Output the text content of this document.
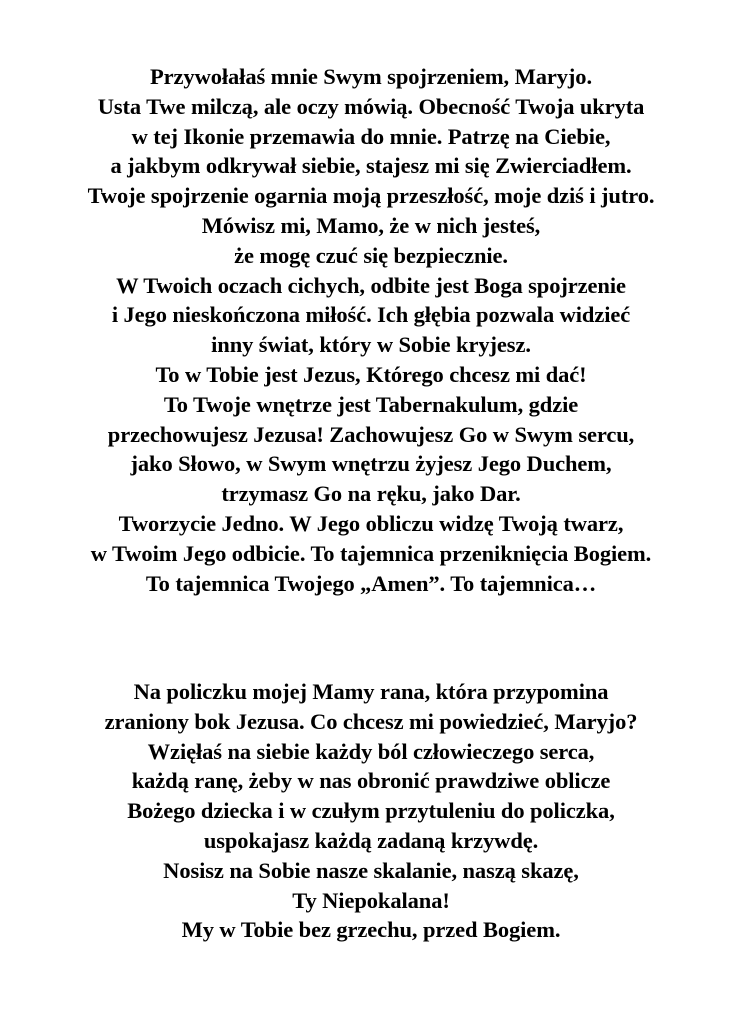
Przywołałaś mnie Swym spojrzeniem, Maryjo.
Usta Twe milczą, ale oczy mówią. Obecność Twoja ukryta
w tej Ikonie przemawia do mnie. Patrzę na Ciebie,
a jakbym odkrywał siebie, stajesz mi się Zwierciadłem.
Twoje spojrzenie ogarnia moją przeszłość, moje dziś i jutro.
Mówisz mi, Mamo, że w nich jesteś,
że mogę czuć się bezpiecznie.
W Twoich oczach cichych, odbite jest Boga spojrzenie
i Jego nieskończona miłość. Ich głębia pozwala widzieć
inny świat, który w Sobie kryjesz.
To w Tobie jest Jezus, Którego chcesz mi dać!
To Twoje wnętrze jest Tabernakulum, gdzie
przechowujesz Jezusa! Zachowujesz Go w Swym sercu,
jako Słowo, w Swym wnętrzu żyjesz Jego Duchem,
trzymasz Go na ręku, jako Dar.
Tworzycie Jedno. W Jego obliczu widzę Twoją twarz,
w Twoim Jego odbicie. To tajemnica przeniknięcia Bogiem.
To tajemnica Twojego „Amen”. To tajemnica…

Na policzku mojej Mamy rana, która przypomina
zraniony bok Jezusa. Co chcesz mi powiedzieć, Maryjo?
Wzięłaś na siebie każdy ból człowieczego serca,
każdą ranę, żeby w nas obronić prawdziwe oblicze
Bożego dziecka i w czułym przytuleniu do policzka,
uspokajasz każdą zadaną krzywdę.
Nosisz na Sobie nasze skalanie, naszą skazę,
Ty Niepokalana!
My w Tobie bez grzechu, przed Bogiem.
